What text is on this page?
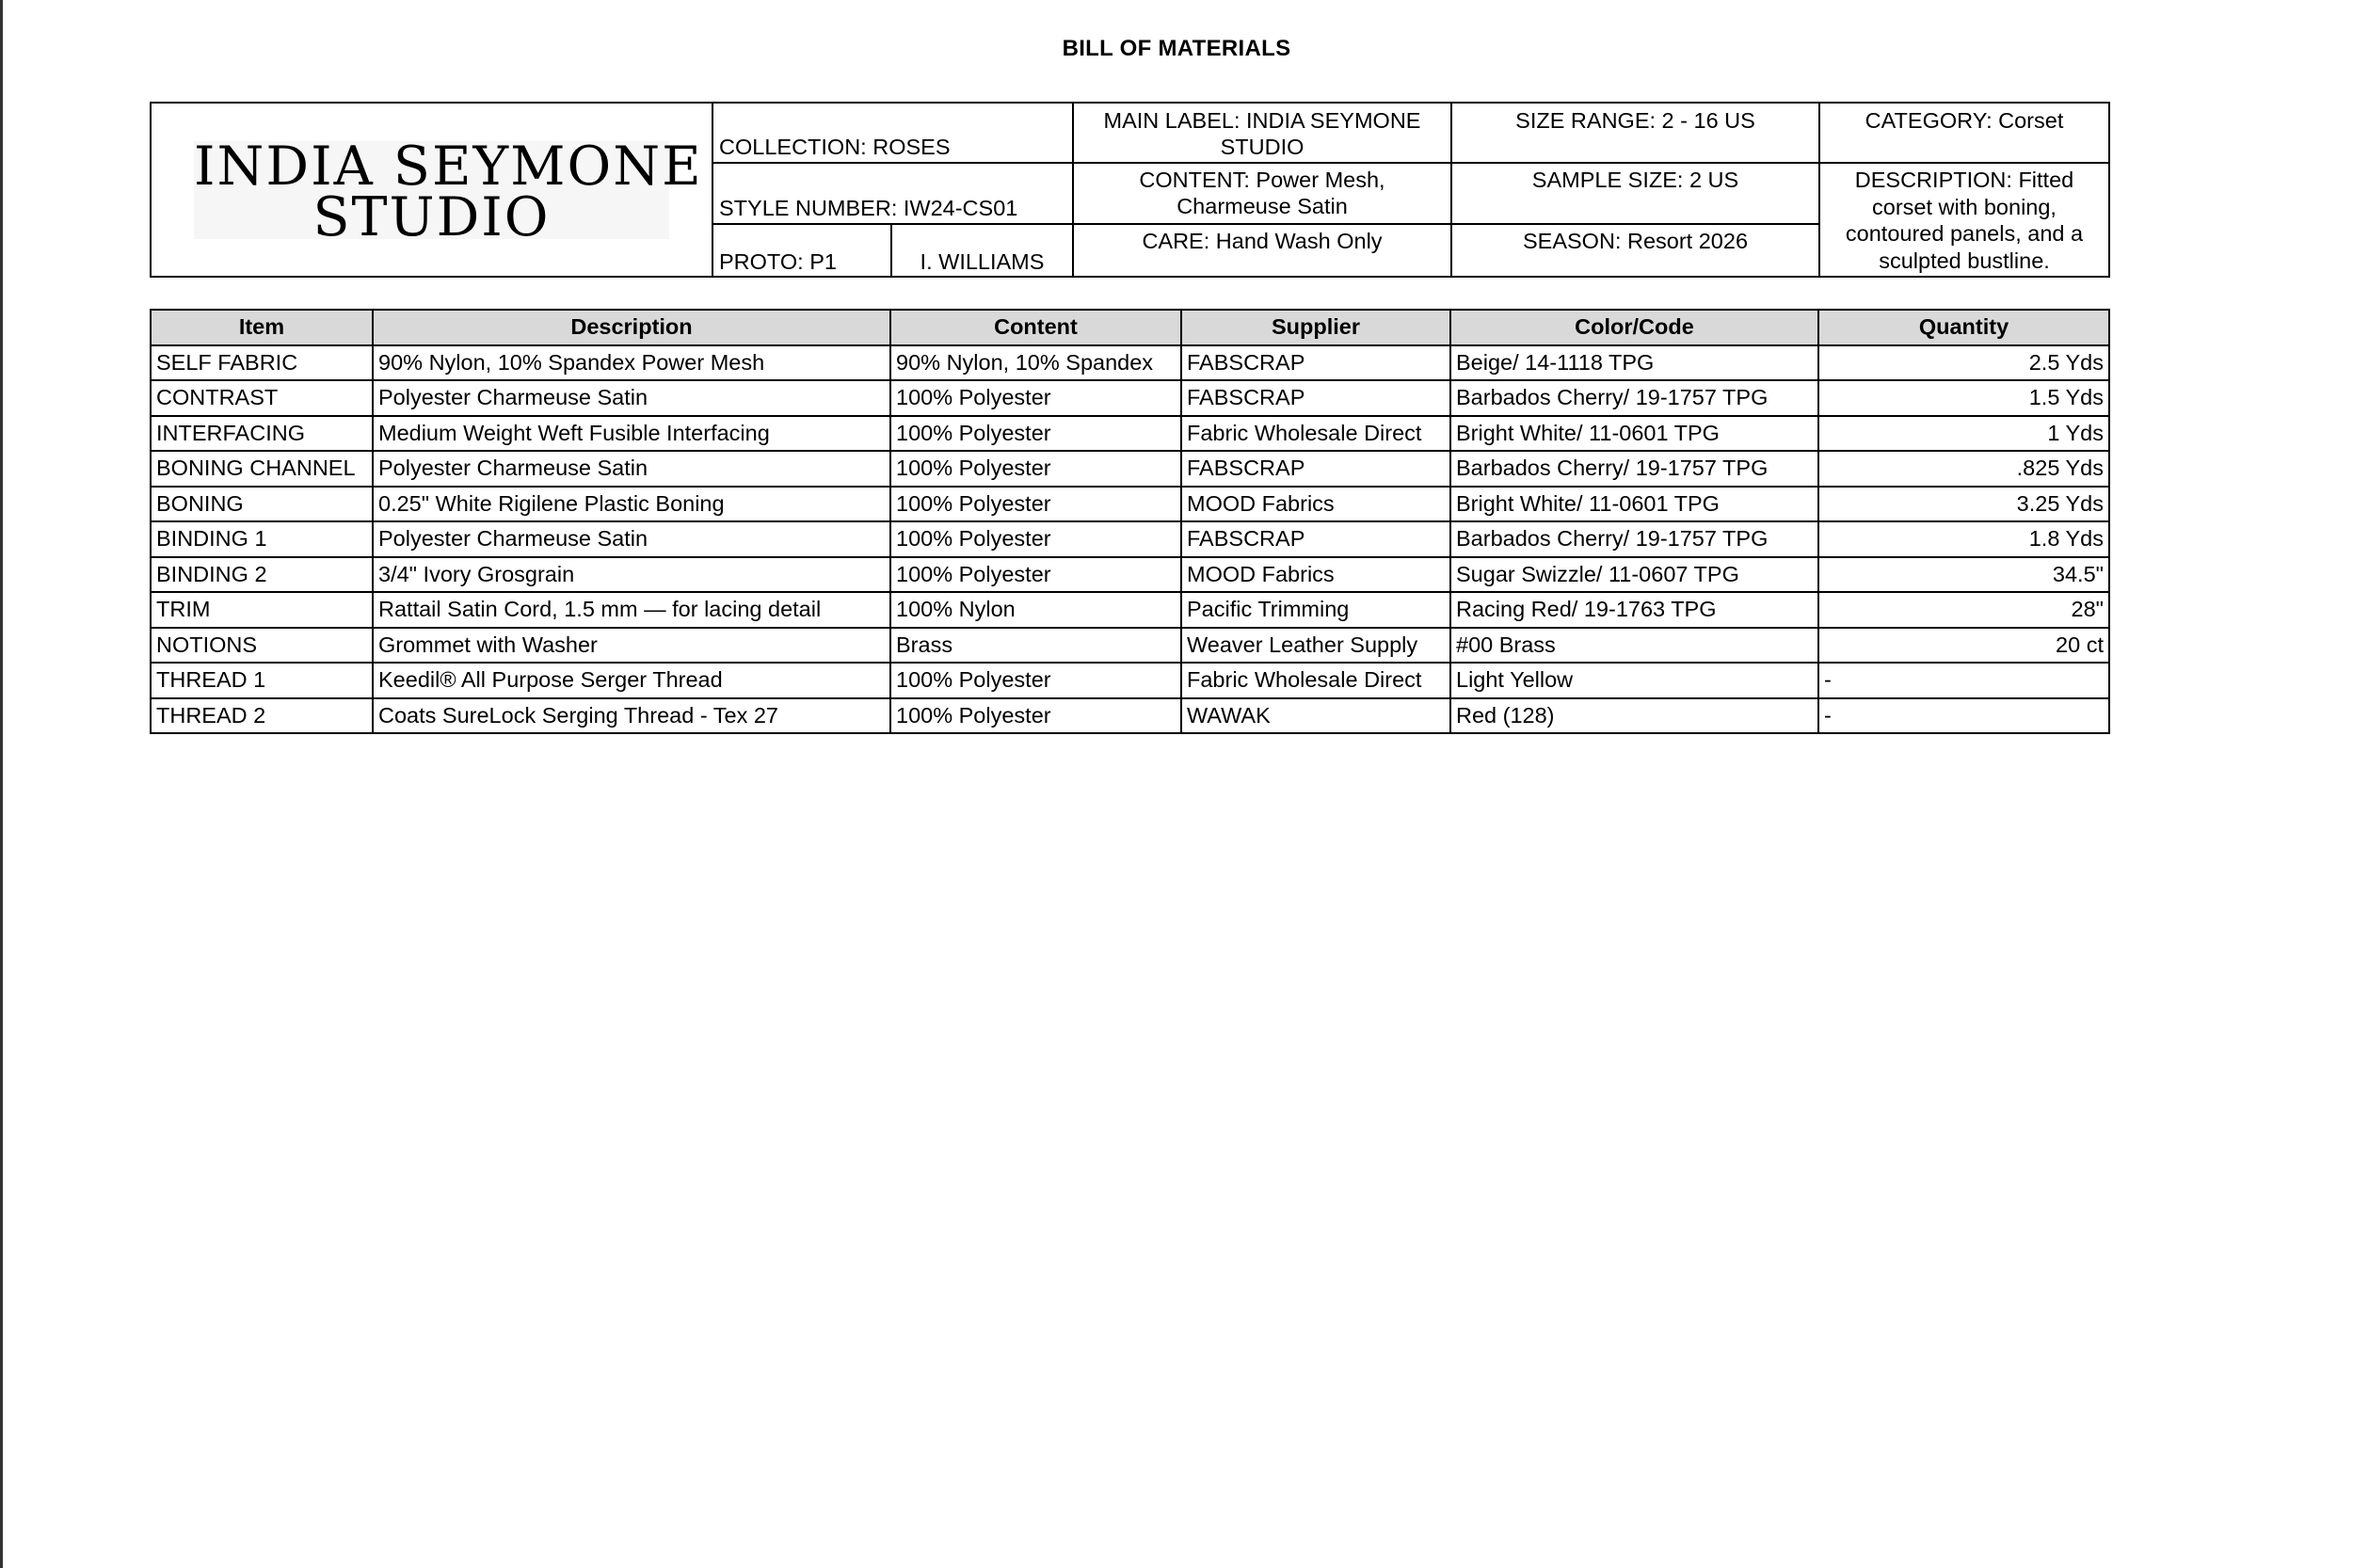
BILL OF MATERIALS
INDIA SEYMONE
STUDIO	COLLECTION: ROSES		MAIN LABEL: INDIA SEYMONE STUDIO	SIZE RANGE: 2 - 16 US	CATEGORY: Corset
	STYLE NUMBER: IW24-CS01		CONTENT: Power Mesh, Charmeuse Satin	SAMPLE SIZE: 2 US	DESCRIPTION: Fitted corset with boning, contoured panels, and a sculpted bustline.
	PROTO: P1	I. WILLIAMS	CARE: Hand Wash Only	SEASON: Resort 2026	
Item	Description	Content	Supplier	Color/Code	Quantity
SELF FABRIC	90% Nylon, 10% Spandex Power Mesh	90% Nylon, 10% Spandex	FABSCRAP	Beige/ 14-1118 TPG	2.5 Yds
CONTRAST	Polyester Charmeuse Satin	100% Polyester	FABSCRAP	Barbados Cherry/ 19-1757 TPG	1.5 Yds
INTERFACING	Medium Weight Weft Fusible Interfacing	100% Polyester	Fabric Wholesale Direct	Bright White/ 11-0601 TPG	1 Yds
BONING CHANNEL	Polyester Charmeuse Satin	100% Polyester	FABSCRAP	Barbados Cherry/ 19-1757 TPG	.825 Yds
BONING	0.25" White Rigilene Plastic Boning	100% Polyester	MOOD Fabrics	Bright White/ 11-0601 TPG	3.25 Yds
BINDING 1	Polyester Charmeuse Satin	100% Polyester	FABSCRAP	Barbados Cherry/ 19-1757 TPG	1.8 Yds
BINDING 2	3/4" Ivory Grosgrain	100% Polyester	MOOD Fabrics	Sugar Swizzle/ 11-0607 TPG	34.5"
TRIM	Rattail Satin Cord, 1.5 mm — for lacing detail	100% Nylon	Pacific Trimming	Racing Red/ 19-1763 TPG	28"
NOTIONS	Grommet with Washer	Brass	Weaver Leather Supply	#00 Brass	20 ct
THREAD 1	Keedil® All Purpose Serger Thread	100% Polyester	Fabric Wholesale Direct	Light Yellow	-
THREAD 2	Coats SureLock Serging Thread - Tex 27	100% Polyester	WAWAK	Red (128)	-
